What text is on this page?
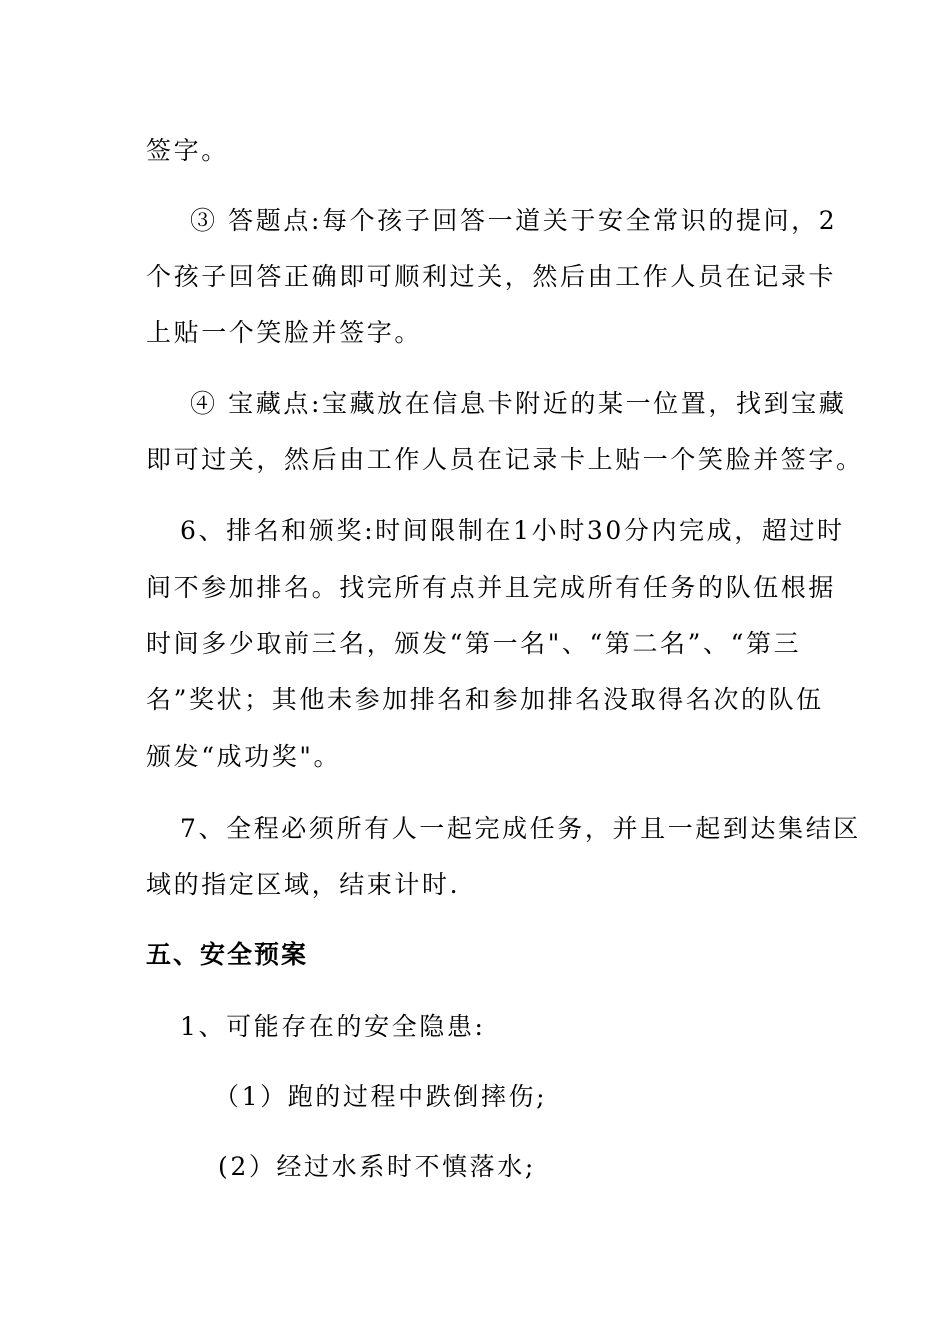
签字。
③ 答题点:每个孩子回答一道关于安全常识的提问，2
个孩子回答正确即可顺利过关，然后由工作人员在记录卡
上贴一个笑脸并签字。
④ 宝藏点:宝藏放在信息卡附近的某一位置，找到宝藏
即可过关，然后由工作人员在记录卡上贴一个笑脸并签字。
6、排名和颁奖:时间限制在1小时30分内完成，超过时
间不参加排名。找完所有点并且完成所有任务的队伍根据
时间多少取前三名，颁发“第一名"、“第二名”、“第三
名”奖状；其他未参加排名和参加排名没取得名次的队伍
颁发“成功奖"。
7、全程必须所有人一起完成任务，并且一起到达集结区
域的指定区域，结束计时.
五、安全预案
1、可能存在的安全隐患:
（1）跑的过程中跌倒摔伤;
(2）经过水系时不慎落水;
